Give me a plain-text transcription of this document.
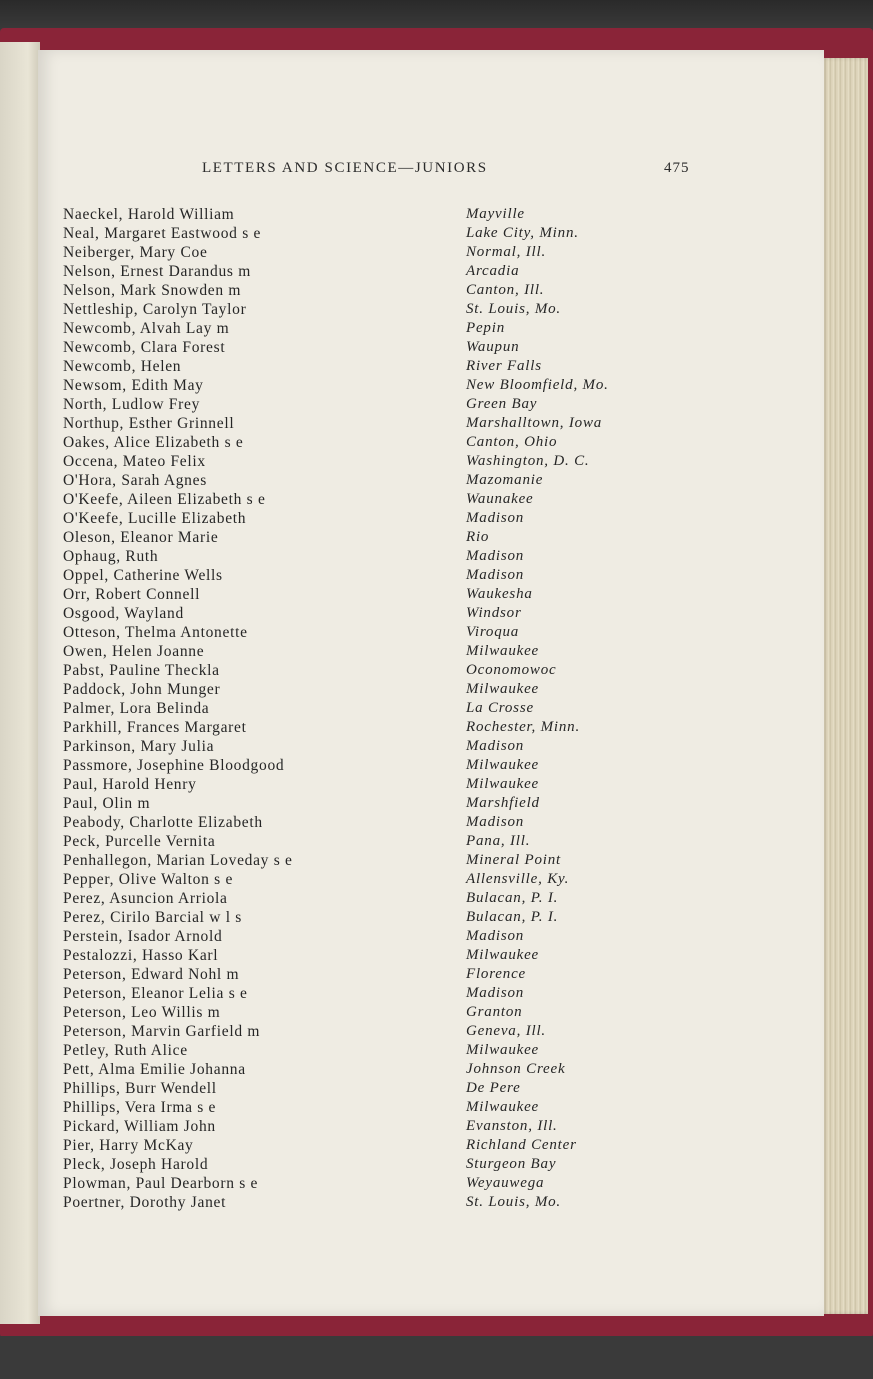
LETTERS AND SCIENCE—JUNIORS	475
Naeckel, Harold William	Mayville
Neal, Margaret Eastwood s e	Lake City, Minn.
Neiberger, Mary Coe	Normal, Ill.
Nelson, Ernest Darandus m	Arcadia
Nelson, Mark Snowden m	Canton, Ill.
Nettleship, Carolyn Taylor	St. Louis, Mo.
Newcomb, Alvah Lay m	Pepin
Newcomb, Clara Forest	Waupun
Newcomb, Helen	River Falls
Newsom, Edith May	New Bloomfield, Mo.
North, Ludlow Frey	Green Bay
Northup, Esther Grinnell	Marshalltown, Iowa
Oakes, Alice Elizabeth s e	Canton, Ohio
Occena, Mateo Felix	Washington, D. C.
O'Hora, Sarah Agnes	Mazomanie
O'Keefe, Aileen Elizabeth s e	Waunakee
O'Keefe, Lucille Elizabeth	Madison
Oleson, Eleanor Marie	Rio
Ophaug, Ruth	Madison
Oppel, Catherine Wells	Madison
Orr, Robert Connell	Waukesha
Osgood, Wayland	Windsor
Otteson, Thelma Antonette	Viroqua
Owen, Helen Joanne	Milwaukee
Pabst, Pauline Theckla	Oconomowoc
Paddock, John Munger	Milwaukee
Palmer, Lora Belinda	La Crosse
Parkhill, Frances Margaret	Rochester, Minn.
Parkinson, Mary Julia	Madison
Passmore, Josephine Bloodgood	Milwaukee
Paul, Harold Henry	Milwaukee
Paul, Olin m	Marshfield
Peabody, Charlotte Elizabeth	Madison
Peck, Purcelle Vernita	Pana, Ill.
Penhallegon, Marian Loveday s e	Mineral Point
Pepper, Olive Walton s e	Allensville, Ky.
Perez, Asuncion Arriola	Bulacan, P. I.
Perez, Cirilo Barcial w l s	Bulacan, P. I.
Perstein, Isador Arnold	Madison
Pestalozzi, Hasso Karl	Milwaukee
Peterson, Edward Nohl m	Florence
Peterson, Eleanor Lelia s e	Madison
Peterson, Leo Willis m	Granton
Peterson, Marvin Garfield m	Geneva, Ill.
Petley, Ruth Alice	Milwaukee
Pett, Alma Emilie Johanna	Johnson Creek
Phillips, Burr Wendell	De Pere
Phillips, Vera Irma s e	Milwaukee
Pickard, William John	Evanston, Ill.
Pier, Harry McKay	Richland Center
Pleck, Joseph Harold	Sturgeon Bay
Plowman, Paul Dearborn s e	Weyauwega
Poertner, Dorothy Janet	St. Louis, Mo.
